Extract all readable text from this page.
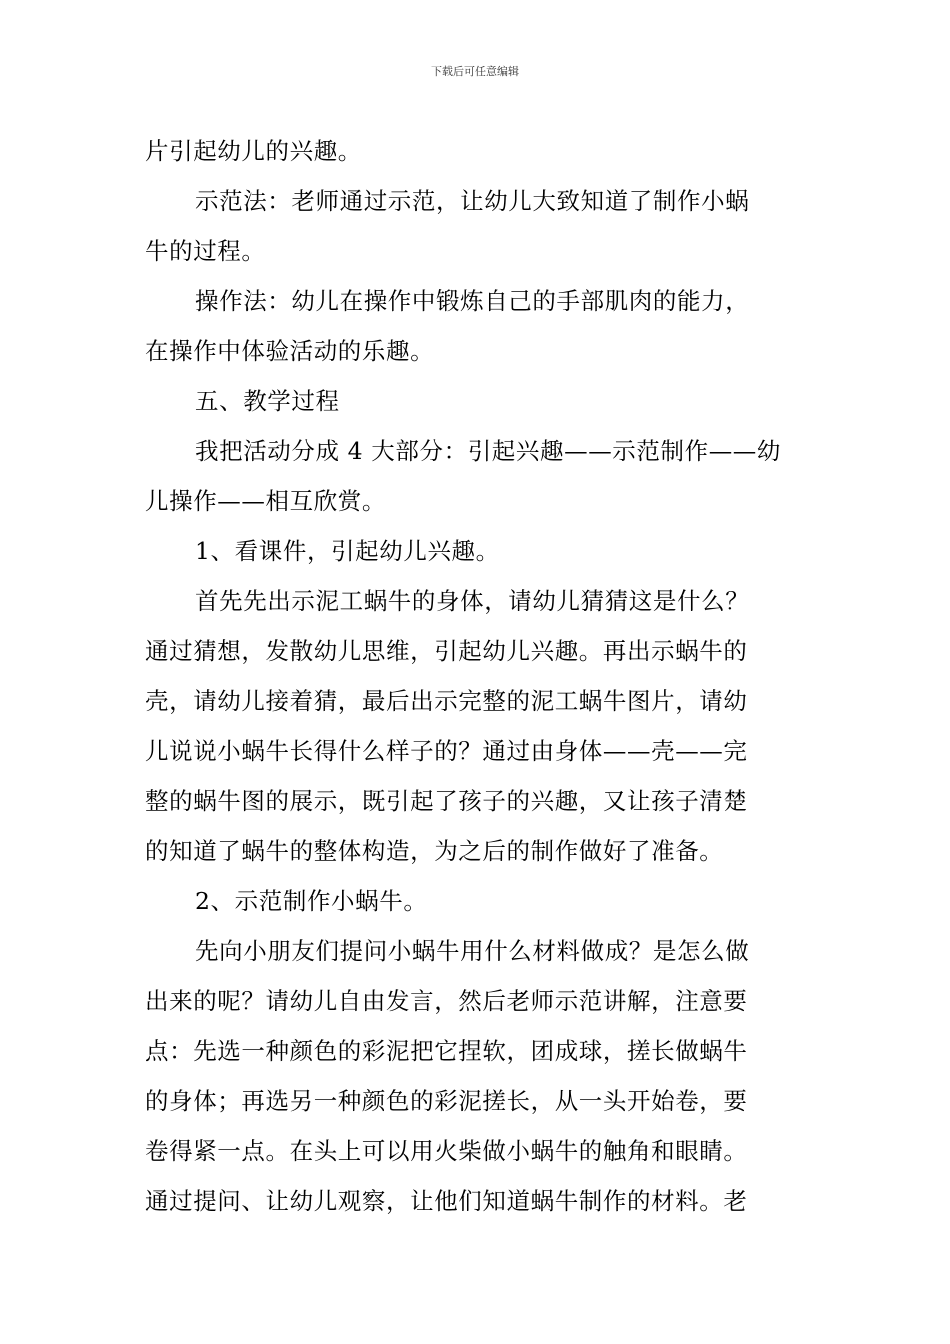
下载后可任意编辑
片引起幼儿的兴趣。
示范法：老师通过示范，让幼儿大致知道了制作小蜗
牛的过程。
操作法：幼儿在操作中锻炼自己的手部肌肉的能力，
在操作中体验活动的乐趣。
五、教学过程
我把活动分成 4 大部分：引起兴趣——示范制作——幼
儿操作——相互欣赏。
1、看课件，引起幼儿兴趣。
首先先出示泥工蜗牛的身体，请幼儿猜猜这是什么？
通过猜想，发散幼儿思维，引起幼儿兴趣。再出示蜗牛的
壳，请幼儿接着猜，最后出示完整的泥工蜗牛图片，请幼
儿说说小蜗牛长得什么样子的？通过由身体——壳——完
整的蜗牛图的展示，既引起了孩子的兴趣，又让孩子清楚
的知道了蜗牛的整体构造，为之后的制作做好了准备。
2、示范制作小蜗牛。
先向小朋友们提问小蜗牛用什么材料做成？是怎么做
出来的呢？请幼儿自由发言，然后老师示范讲解，注意要
点：先选一种颜色的彩泥把它捏软，团成球，搓长做蜗牛
的身体；再选另一种颜色的彩泥搓长，从一头开始卷，要
卷得紧一点。在头上可以用火柴做小蜗牛的触角和眼睛。
通过提问、让幼儿观察，让他们知道蜗牛制作的材料。老
